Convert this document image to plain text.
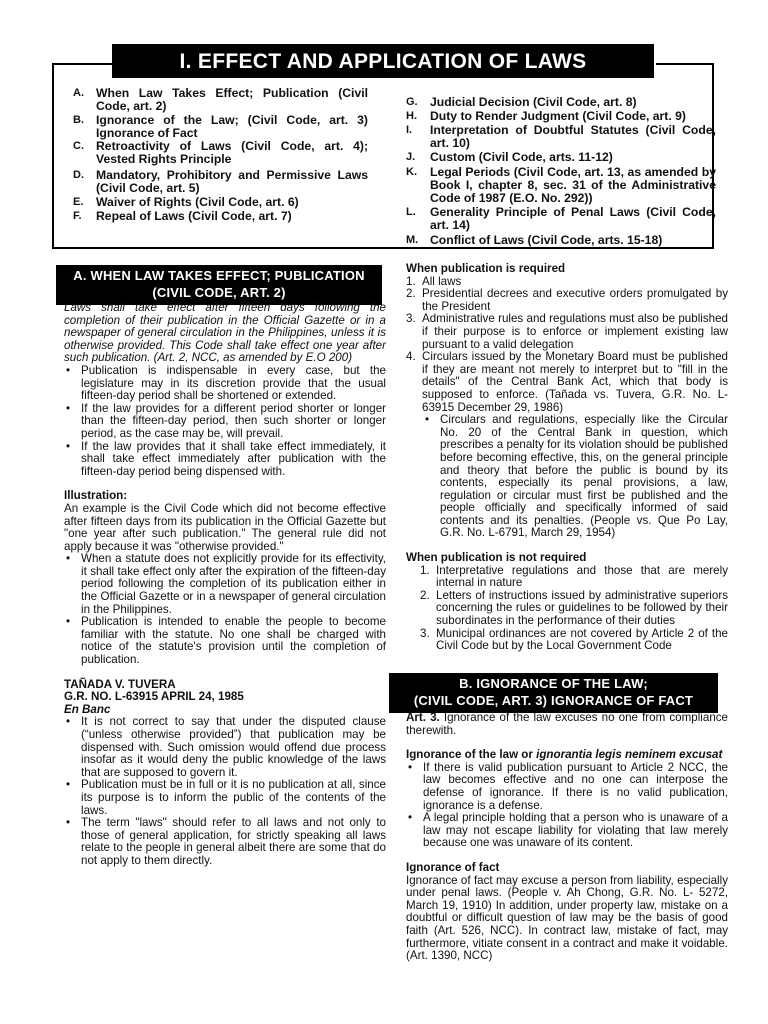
I. EFFECT AND APPLICATION OF LAWS
A. When Law Takes Effect; Publication (Civil Code, art. 2)
B. Ignorance of the Law; (Civil Code, art. 3) Ignorance of Fact
C. Retroactivity of Laws (Civil Code, art. 4); Vested Rights Principle
D. Mandatory, Prohibitory and Permissive Laws (Civil Code, art. 5)
E.	Waiver of Rights (Civil Code, art. 6)
F.	Repeal of Laws (Civil Code, art. 7)
G.	Judicial Decision (Civil Code, art. 8)
H.	Duty to Render Judgment (Civil Code, art. 9)
I.	Interpretation of Doubtful Statutes (Civil Code, art. 10)
J.	Custom (Civil Code, arts. 11-12)
K.	Legal Periods (Civil Code, art. 13, as amended by Book I, chapter 8, sec. 31 of the Administrative Code of 1987 (E.O. No. 292))
L.	Generality Principle of Penal Laws (Civil Code, art. 14)
M. Conflict of Laws (Civil Code, arts. 15-18)
A. WHEN LAW TAKES EFFECT; PUBLICATION
(CIVIL CODE, ART. 2)

Laws shall take effect after fifteen days following the completion of their publication in the Official Gazette or in a newspaper of general circulation in the Philippines, unless it is otherwise provided. This Code shall take effect one year after such publication. (Art. 2, NCC, as amended by E.O 200)

• Publication is indispensable in every case, but the legislature may in its discretion provide that the usual fifteen-day period shall be shortened or extended.

• If the law provides for a different period shorter or longer than the fifteen-day period, then such shorter or longer period, as the case may be, will prevail.

• If the law provides that it shall take effect immediately, it shall take effect immediately after publication with the fifteen-day period being dispensed with.

Illustration:

An example is the Civil Code which did not become effective after fifteen days from its publication in the Official Gazette but "one year after such publication." The general rule did not apply because it was "otherwise provided."

• When a statute does not explicitly provide for its effectivity, it shall take effect only after the expiration of the fifteen-day period following the completion of its publication either in the Official Gazette or in a newspaper of general circulation in the Philippines.

• Publication is intended to enable the people to become familiar with the statute. No one shall be charged with notice of the statute's provision until the completion of publication.

TAÑADA V. TUVERA

G.R. NO. L-63915 APRIL 24, 1985

En Banc

• It is not correct to say that under the disputed clause (“unless otherwise provided”) that publication may be dispensed with. Such omission would offend due process insofar as it would deny the public knowledge of the laws that are supposed to govern it.

• Publication must be in full or it is no publication at all, since its purpose is to inform the public of the contents of the laws.

• The term "laws" should refer to all laws and not only to those of general application, for strictly speaking all laws relate to the people in general albeit there are some that do not apply to them directly.

When publication is required

1. All laws

2. Presidential decrees and executive orders promulgated by the President

3. Administrative rules and regulations must also be published if their purpose is to enforce or implement existing law pursuant to a valid delegation

4. Circulars issued by the Monetary Board must be published if they are meant not merely to interpret but to "fill in the details" of the Central Bank Act, which that body is supposed to enforce. (Tañada vs. Tuvera, G.R. No. L-63915 December 29, 1986)

• Circulars and regulations, especially like the Circular No. 20 of the Central Bank in question, which prescribes a penalty for its violation should be published before becoming effective, this, on the general principle and theory that before the public is bound by its contents, especially its penal provisions, a law, regulation or circular must first be published and the people officially and specifically informed of said contents and its penalties. (People vs. Que Po Lay, G.R. No. L-6791, March 29, 1954)

When publication is not required

1. Interpretative regulations and those that are merely internal in nature

2. Letters of instructions issued by administrative superiors concerning the rules or guidelines to be followed by their subordinates in the performance of their duties

3. Municipal ordinances are not covered by Article 2 of the Civil Code but by the Local Government Code

B. IGNORANCE OF THE LAW;
(CIVIL CODE, ART. 3) IGNORANCE OF FACT

Art. 3. Ignorance of the law excuses no one from compliance therewith.

Ignorance of the law or ignorantia legis neminem excusat

• If there is valid publication pursuant to Article 2 NCC, the law becomes effective and no one can interpose the defense of ignorance. If there is no valid publication, ignorance is a defense.

• A legal principle holding that a person who is unaware of a law may not escape liability for violating that law merely because one was unaware of its content.

Ignorance of fact

Ignorance of fact may excuse a person from liability, especially under penal laws. (People v. Ah Chong, G.R. No. L- 5272, March 19, 1910) In addition, under property law, mistake on a doubtful or difficult question of law may be the basis of good faith (Art. 526, NCC). In contract law, mistake of fact, may furthermore, vitiate consent in a contract and make it voidable. (Art. 1390, NCC)
